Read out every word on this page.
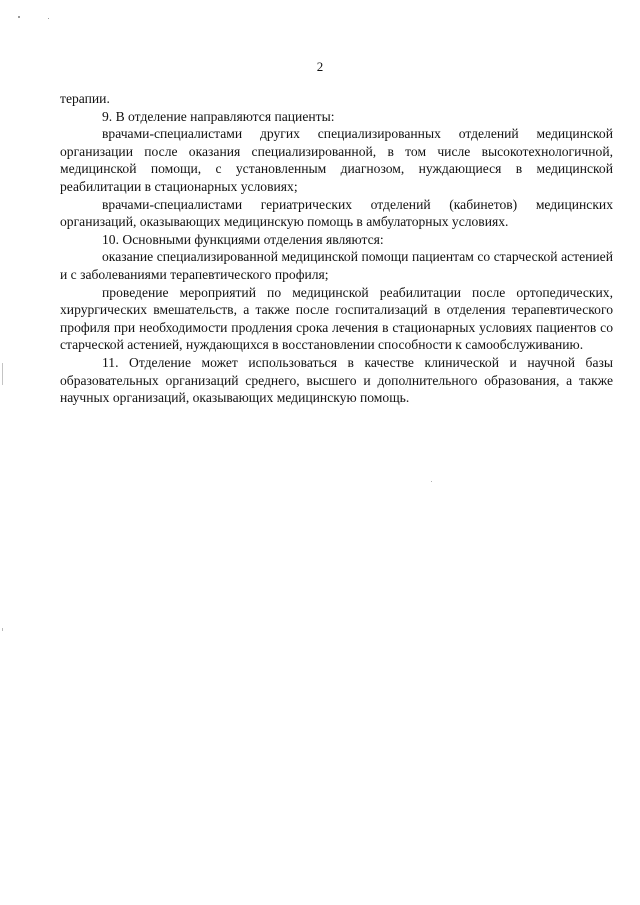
2

терапии.

9. В отделение направляются пациенты:

врачами-специалистами других специализированных отделений медицинской организации после оказания специализированной, в том числе высокотехнологичной, медицинской помощи, с установленным диагнозом, нуждающиеся в медицинской реабилитации в стационарных условиях;

врачами-специалистами гериатрических отделений (кабинетов) медицинских организаций, оказывающих медицинскую помощь в амбулаторных условиях.

10. Основными функциями отделения являются:

оказание специализированной медицинской помощи пациентам со старческой астенией и с заболеваниями терапевтического профиля;

проведение мероприятий по медицинской реабилитации после ортопедических, хирургических вмешательств, а также после госпитализаций в отделения терапевтического профиля при необходимости продления срока лечения в стационарных условиях пациентов со старческой астенией, нуждающихся в восстановлении способности к самообслуживанию.

11. Отделение может использоваться в качестве клинической и научной базы образовательных организаций среднего, высшего и дополнительного образования, а также научных организаций, оказывающих медицинскую помощь.
